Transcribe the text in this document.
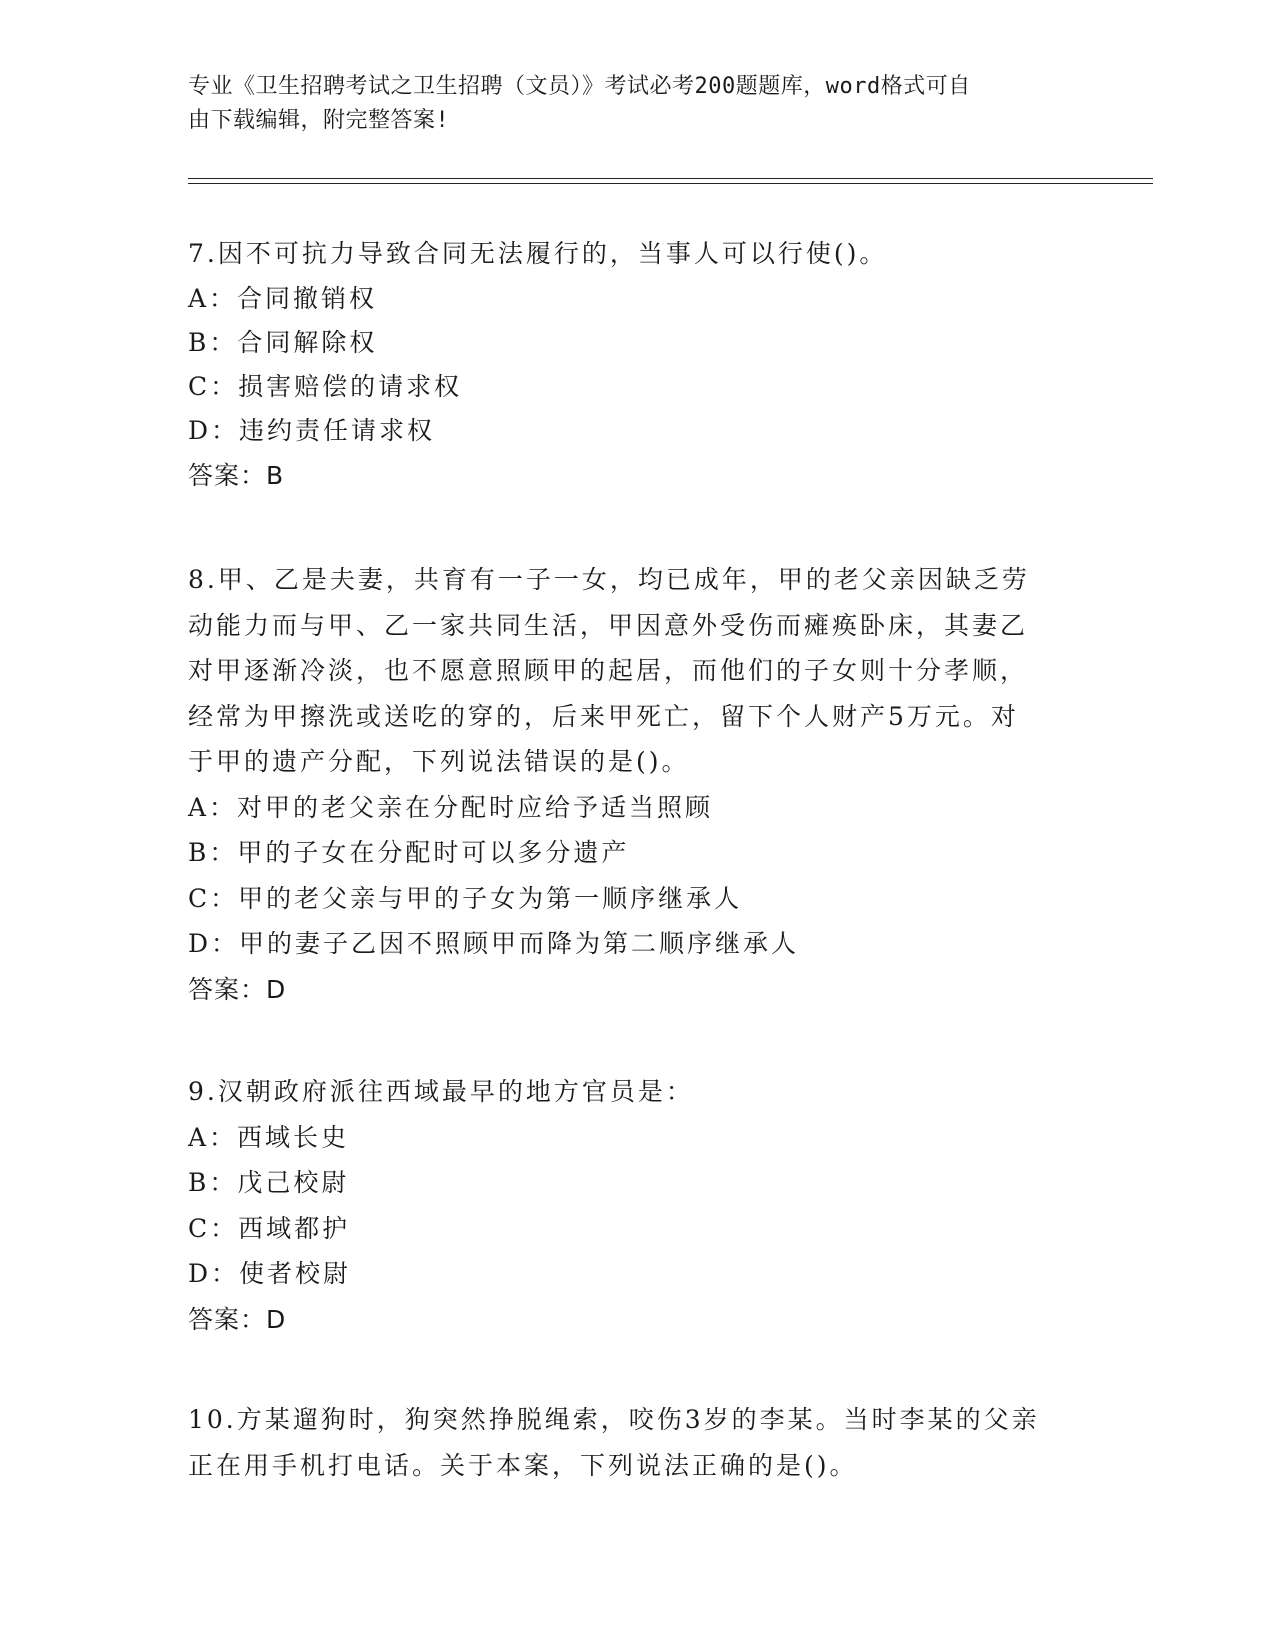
专业《卫生招聘考试之卫生招聘（文员）》考试必考200题题库，word格式可自
由下载编辑，附完整答案!
7.因不可抗力导致合同无法履行的，当事人可以行使()。
A：合同撤销权
B：合同解除权
C：损害赔偿的请求权
D：违约责任请求权
答案：B
8.甲、乙是夫妻，共育有一子一女，均已成年，甲的老父亲因缺乏劳
动能力而与甲、乙一家共同生活，甲因意外受伤而瘫痪卧床，其妻乙
对甲逐渐冷淡，也不愿意照顾甲的起居，而他们的子女则十分孝顺，
经常为甲擦洗或送吃的穿的，后来甲死亡，留下个人财产5万元。对
于甲的遗产分配，下列说法错误的是()。
A：对甲的老父亲在分配时应给予适当照顾
B：甲的子女在分配时可以多分遗产
C：甲的老父亲与甲的子女为第一顺序继承人
D：甲的妻子乙因不照顾甲而降为第二顺序继承人
答案：D
9.汉朝政府派往西域最早的地方官员是：
A：西域长史
B：戊己校尉
C：西域都护
D：使者校尉
答案：D
10.方某遛狗时，狗突然挣脱绳索，咬伤3岁的李某。当时李某的父亲
正在用手机打电话。关于本案，下列说法正确的是()。
